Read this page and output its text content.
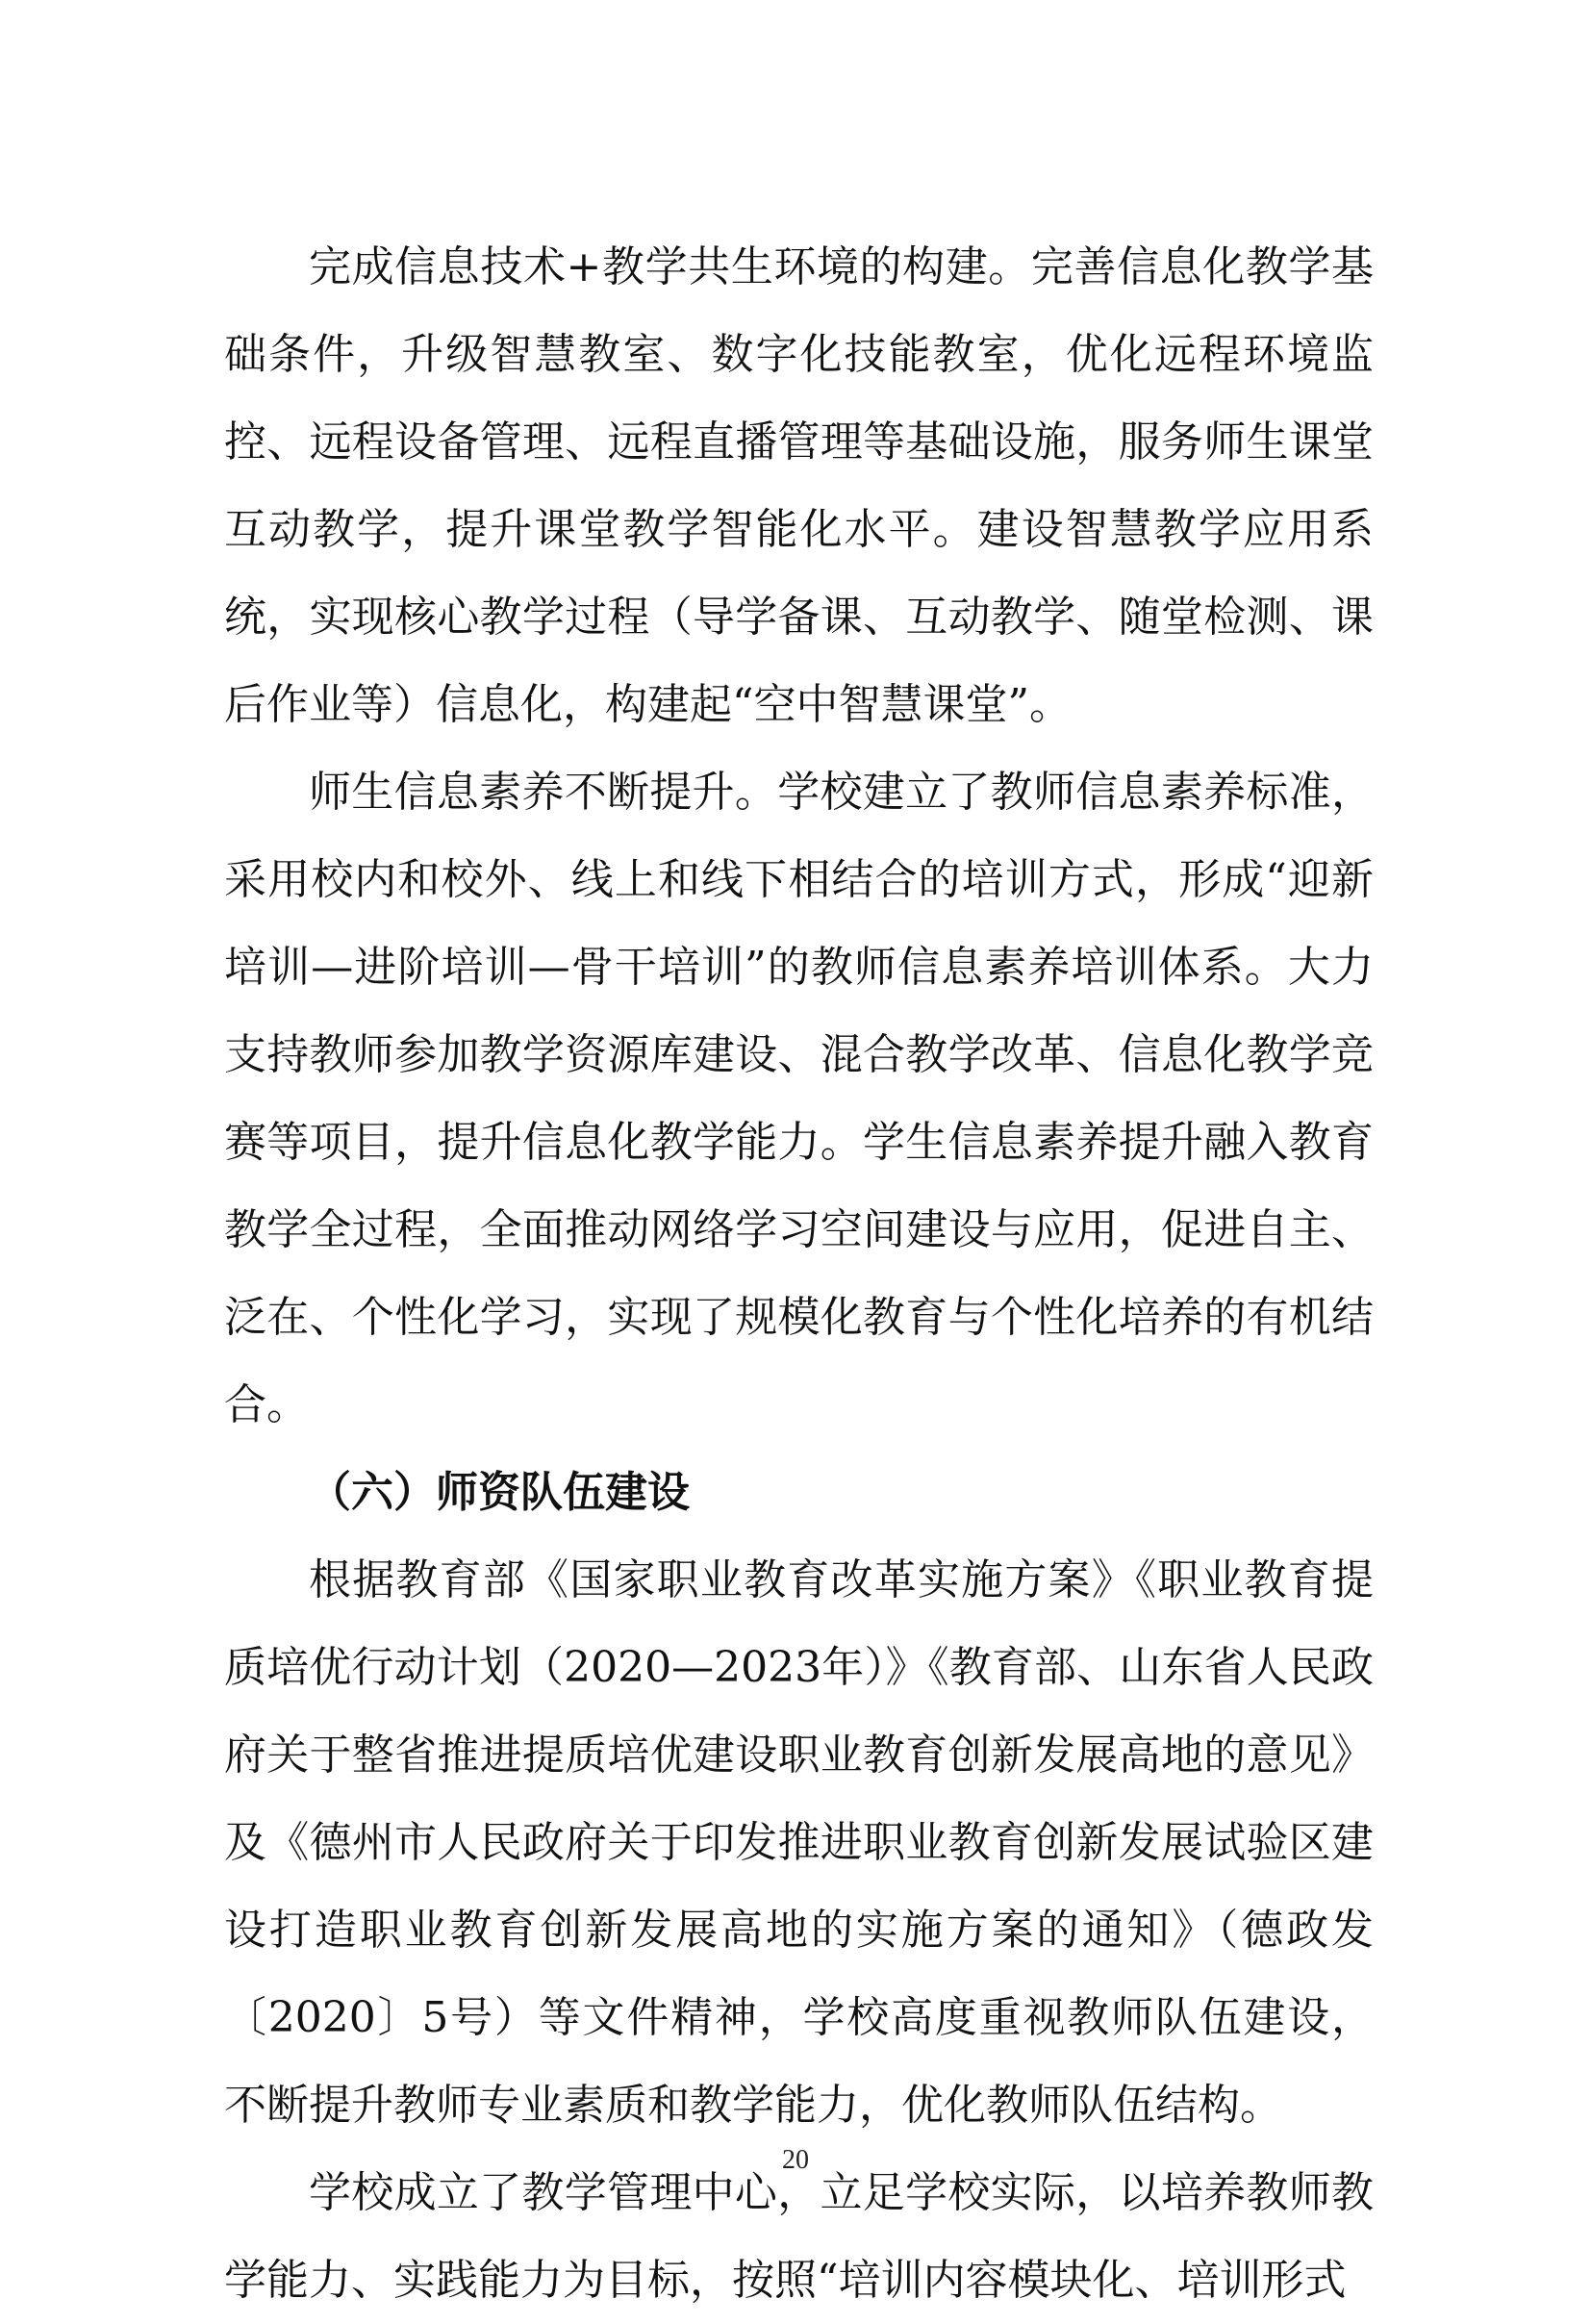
完成信息技术+教学共生环境的构建。完善信息化教学基础条件，升级智慧教室、数字化技能教室，优化远程环境监控、远程设备管理、远程直播管理等基础设施，服务师生课堂互动教学，提升课堂教学智能化水平。建设智慧教学应用系统，实现核心教学过程（导学备课、互动教学、随堂检测、课后作业等）信息化，构建起“空中智慧课堂”。

师生信息素养不断提升。学校建立了教师信息素养标准，采用校内和校外、线上和线下相结合的培训方式，形成“迎新培训—进阶培训—骨干培训”的教师信息素养培训体系。大力支持教师参加教学资源库建设、混合教学改革、信息化教学竞赛等项目，提升信息化教学能力。学生信息素养提升融入教育教学全过程，全面推动网络学习空间建设与应用，促进自主、泛在、个性化学习，实现了规模化教育与个性化培养的有机结合。

（六）师资队伍建设

根据教育部《国家职业教育改革实施方案》《职业教育提质培优行动计划（2020—2023年）》《教育部、山东省人民政府关于整省推进提质培优建设职业教育创新发展高地的意见》及《德州市人民政府关于印发推进职业教育创新发展试验区建设打造职业教育创新发展高地的实施方案的通知》（德政发〔2020〕5号）等文件精神，学校高度重视教师队伍建设，不断提升教师专业素质和教学能力，优化教师队伍结构。

学校成立了教学管理中心，立足学校实际，以培养教师教学能力、实践能力为目标，按照“培训内容模块化、培训形式

20
